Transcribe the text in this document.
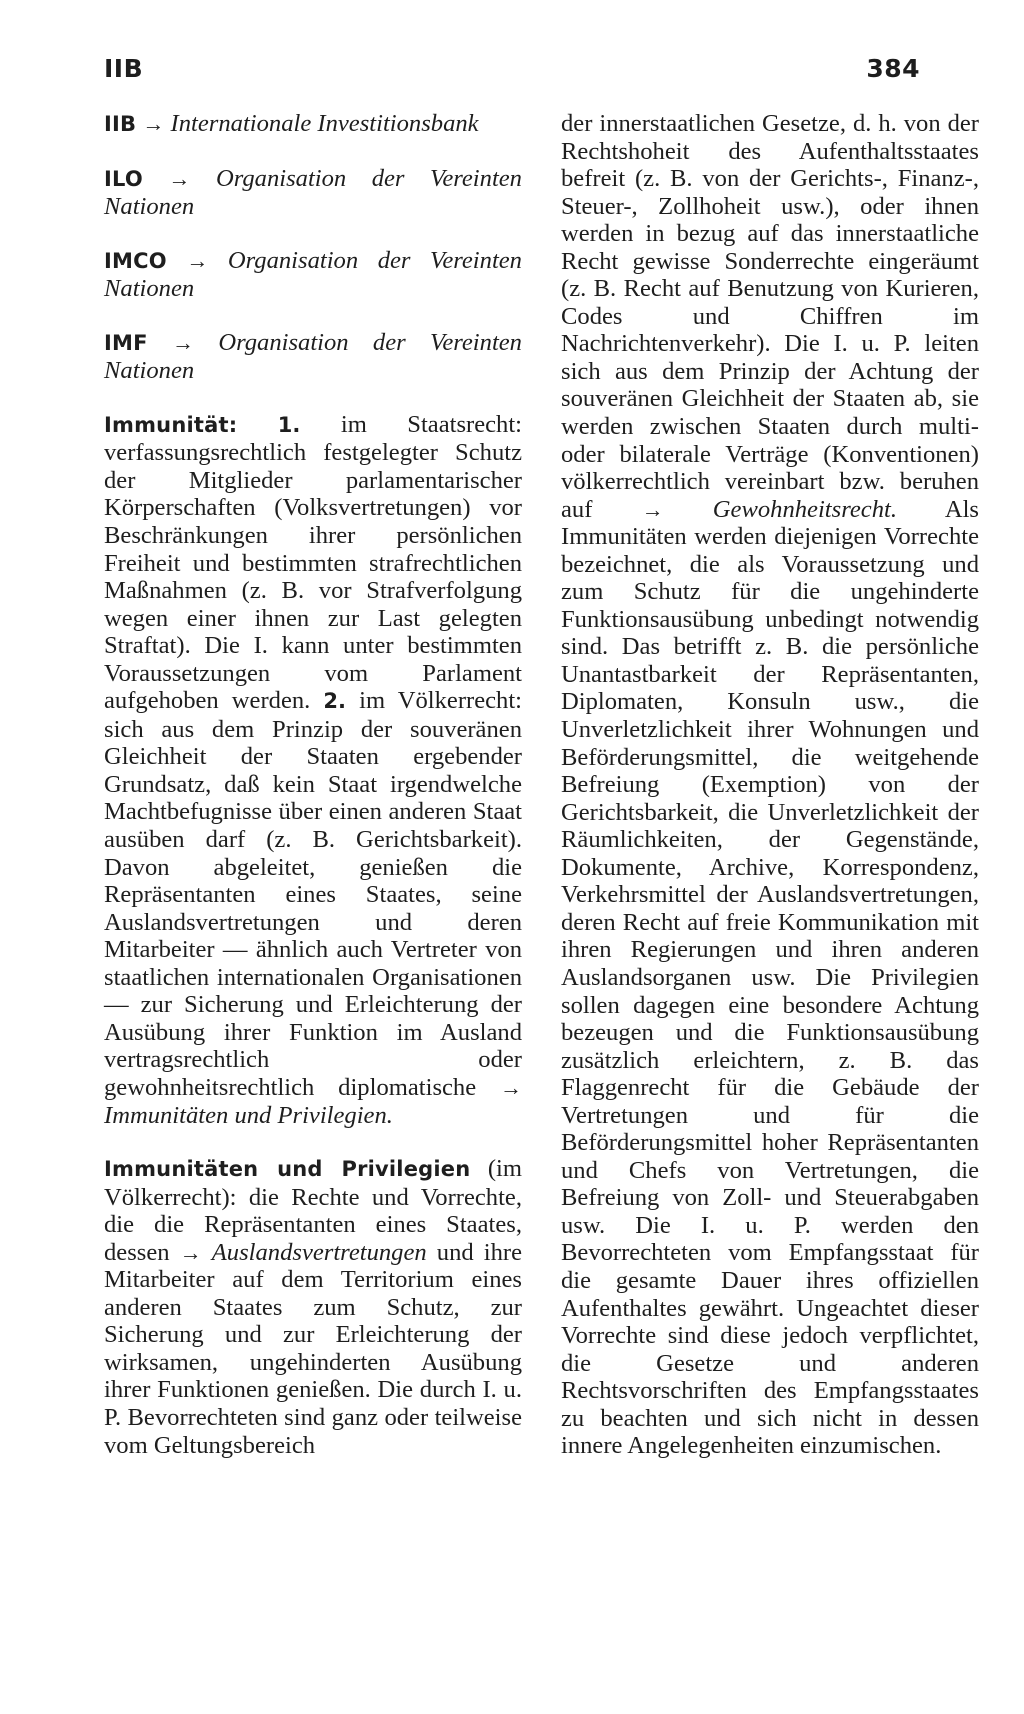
IIB	384

IIB → Internationale Investitionsbank

ILO → Organisation der Vereinten Nationen

IMCO → Organisation der Vereinten Nationen

IMF → Organisation der Vereinten Nationen

Immunität: 1. im Staatsrecht: verfassungsrechtlich festgelegter Schutz der Mitglieder parlamentarischer Körperschaften (Volksvertretungen) vor Beschränkungen ihrer persönlichen Freiheit und bestimmten strafrechtlichen Maßnahmen (z. B. vor Strafverfolgung wegen einer ihnen zur Last gelegten Straftat). Die I. kann unter bestimmten Voraussetzungen vom Parlament aufgehoben werden. 2. im Völkerrecht: sich aus dem Prinzip der souveränen Gleichheit der Staaten ergebender Grundsatz, daß kein Staat irgendwelche Machtbefugnisse über einen anderen Staat ausüben darf (z. B. Gerichtsbarkeit). Davon abgeleitet, genießen die Repräsentanten eines Staates, seine Auslandsvertretungen und deren Mitarbeiter — ähnlich auch Vertreter von staatlichen internationalen Organisationen — zur Sicherung und Erleichterung der Ausübung ihrer Funktion im Ausland vertragsrechtlich oder gewohnheitsrechtlich diplomatische → Immunitäten und Privilegien.

Immunitäten und Privilegien (im Völkerrecht): die Rechte und Vorrechte, die die Repräsentanten eines Staates, dessen → Auslandsvertretungen und ihre Mitarbeiter auf dem Territorium eines anderen Staates zum Schutz, zur Sicherung und zur Erleichterung der wirksamen, ungehinderten Ausübung ihrer Funktionen genießen. Die durch I. u. P. Bevorrechteten sind ganz oder teilweise vom Geltungsbereich

der innerstaatlichen Gesetze, d. h. von der Rechtshoheit des Aufenthaltsstaates befreit (z. B. von der Gerichts-, Finanz-, Steuer-, Zollhoheit usw.), oder ihnen werden in bezug auf das innerstaatliche Recht gewisse Sonderrechte eingeräumt (z. B. Recht auf Benutzung von Kurieren, Codes und Chiffren im Nachrichtenverkehr). Die I. u. P. leiten sich aus dem Prinzip der Achtung der souveränen Gleichheit der Staaten ab, sie werden zwischen Staaten durch multi- oder bilaterale Verträge (Konventionen) völkerrechtlich vereinbart bzw. beruhen auf → Gewohnheitsrecht. Als Immunitäten werden diejenigen Vorrechte bezeichnet, die als Voraussetzung und zum Schutz für die ungehinderte Funktionsausübung unbedingt notwendig sind. Das betrifft z. B. die persönliche Unantastbarkeit der Repräsentanten, Diplomaten, Konsuln usw., die Unverletzlichkeit ihrer Wohnungen und Beförderungsmittel, die weitgehende Befreiung (Exemption) von der Gerichtsbarkeit, die Unverletzlichkeit der Räumlichkeiten, der Gegenstände, Dokumente, Archive, Korrespondenz, Verkehrsmittel der Auslandsvertretungen, deren Recht auf freie Kommunikation mit ihren Regierungen und ihren anderen Auslandsorganen usw. Die Privilegien sollen dagegen eine besondere Achtung bezeugen und die Funktionsausübung zusätzlich erleichtern, z. B. das Flaggenrecht für die Gebäude der Vertretungen und für die Beförderungsmittel hoher Repräsentanten und Chefs von Vertretungen, die Befreiung von Zoll- und Steuerabgaben usw. Die I. u. P. werden den Bevorrechteten vom Empfangsstaat für die gesamte Dauer ihres offiziellen Aufenthaltes gewährt. Ungeachtet dieser Vorrechte sind diese jedoch verpflichtet, die Gesetze und anderen Rechtsvorschriften des Empfangsstaates zu beachten und sich nicht in dessen innere Angelegenheiten einzumischen.
